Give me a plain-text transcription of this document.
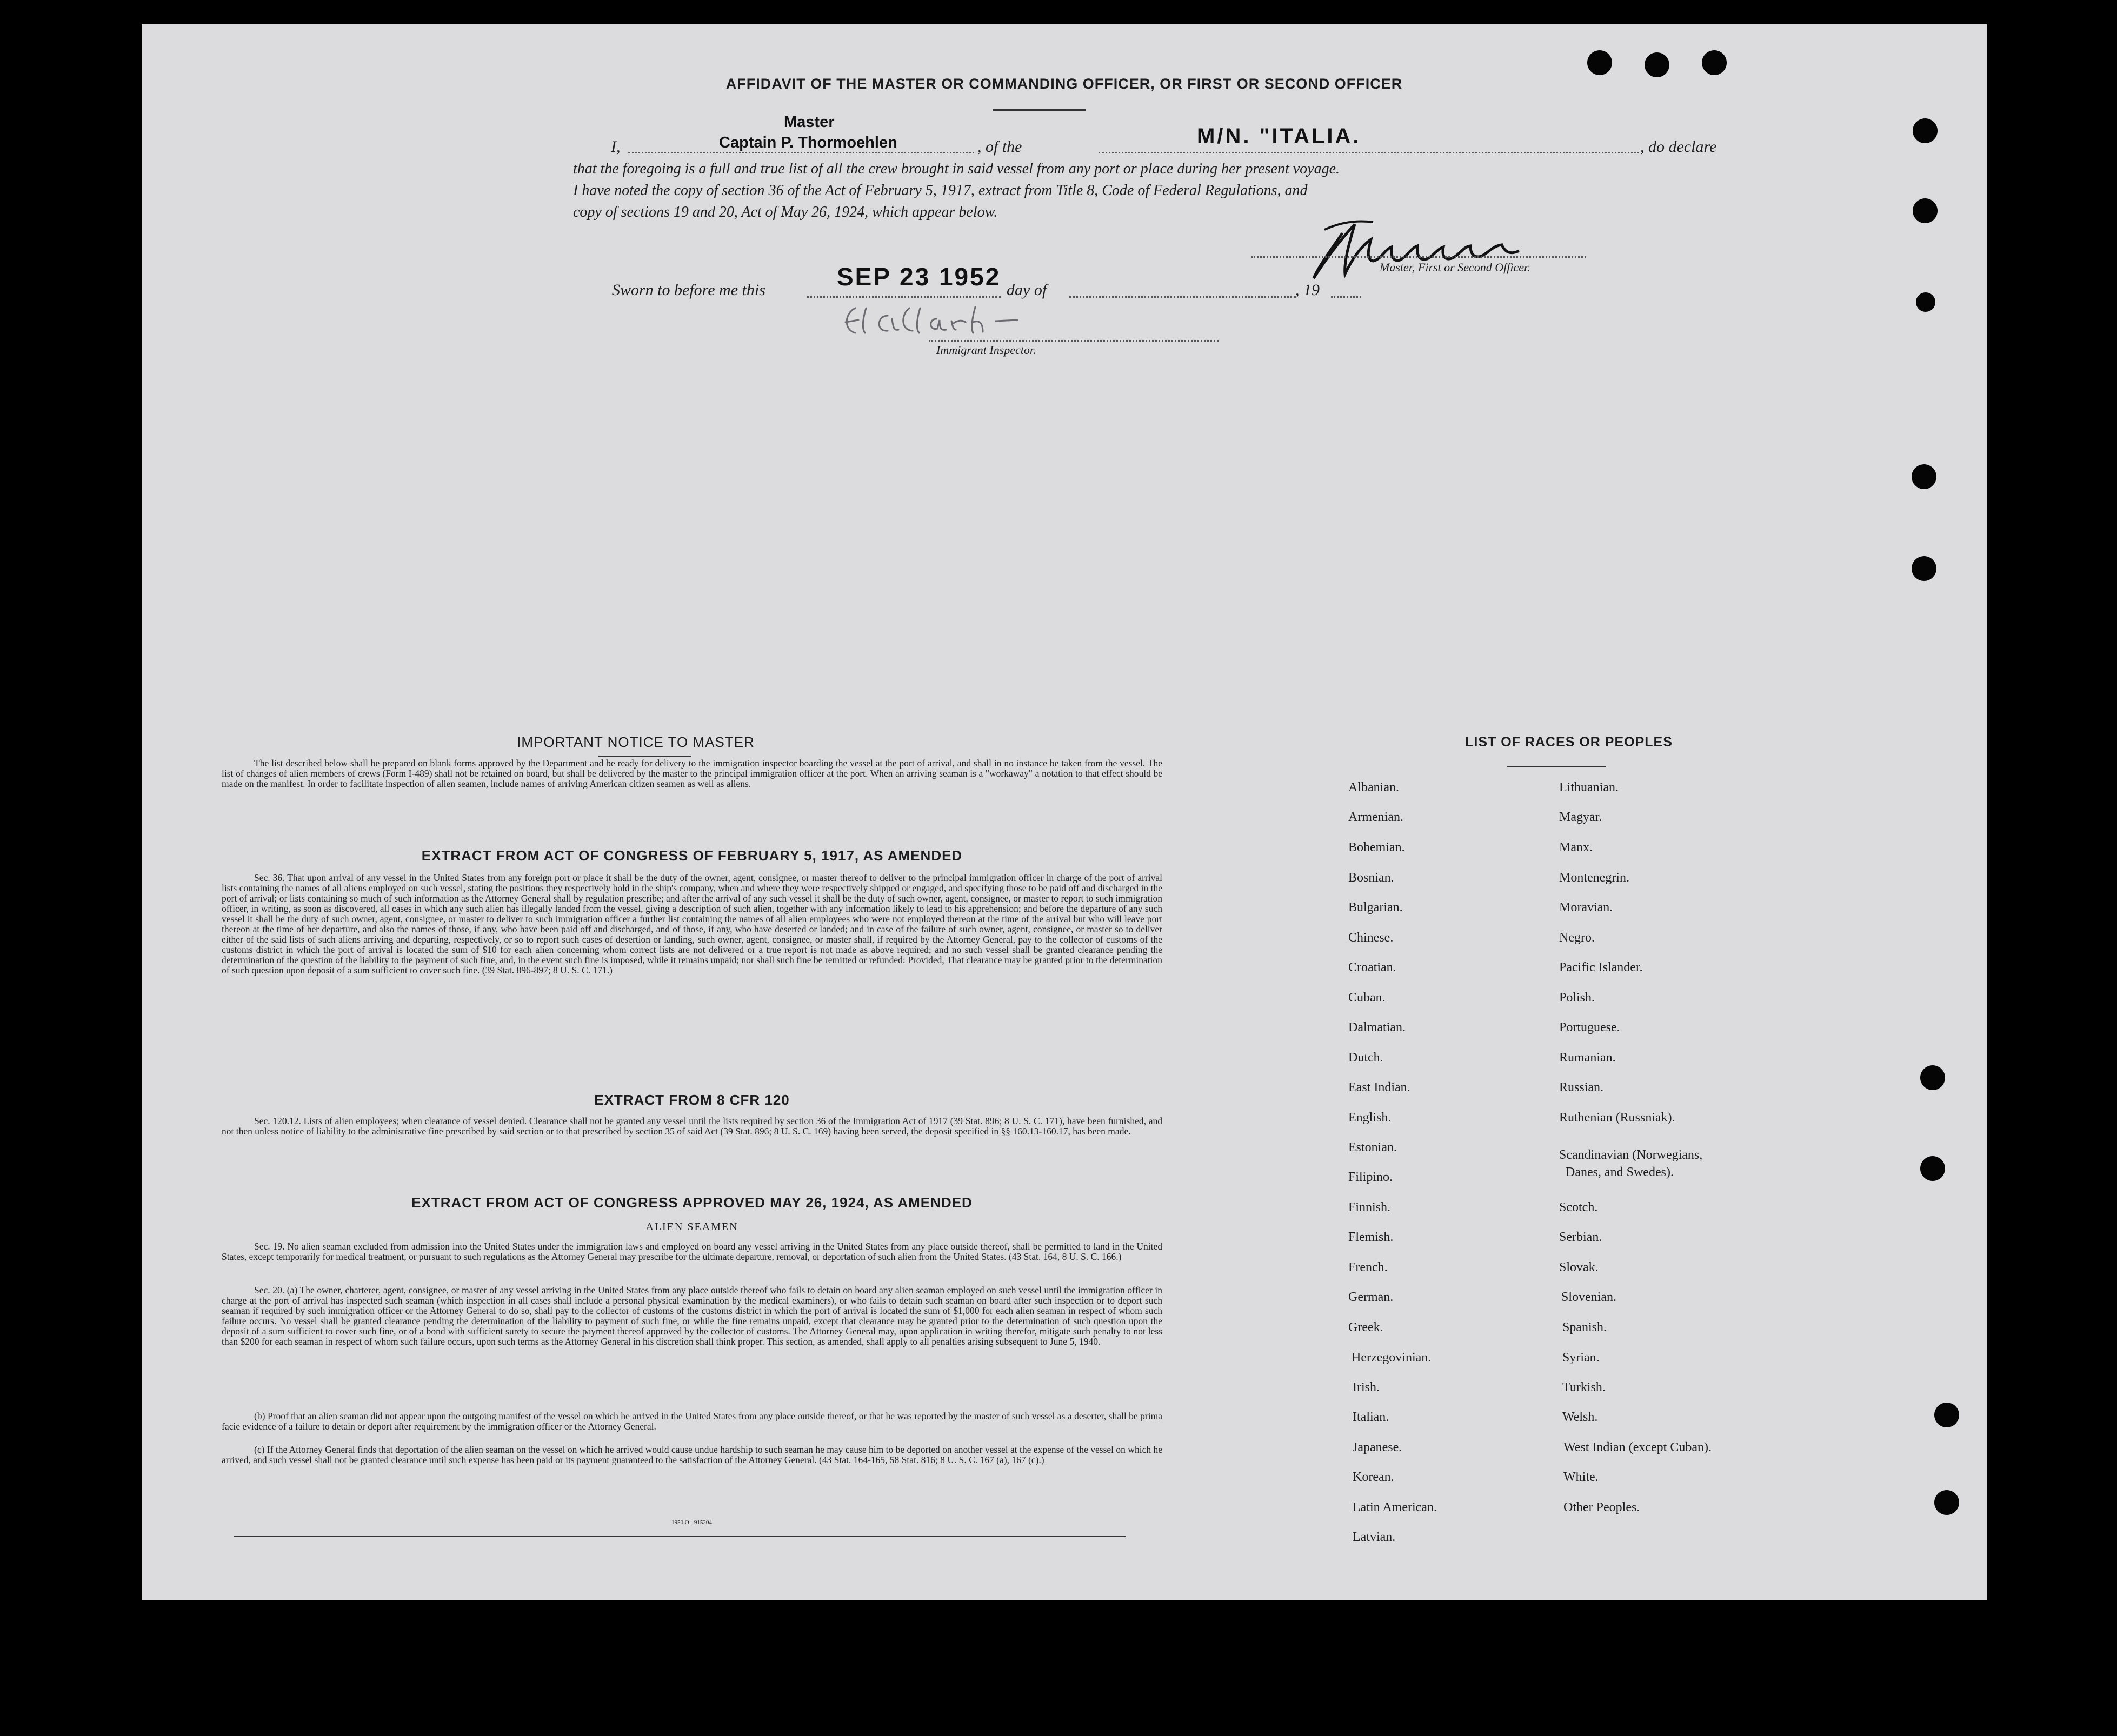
AFFIDAVIT OF THE MASTER OR COMMANDING OFFICER, OR FIRST OR SECOND OFFICER
Master
I,	Captain P. Thormoehlen	, of the	M/N. "ITALIA.	, do declare
that the foregoing is a full and true list of all the crew brought in said vessel from any port or place during her present voyage.
I have noted the copy of section 36 of the Act of February 5, 1917, extract from Title 8, Code of Federal Regulations, and
copy of sections 19 and 20, Act of May 26, 1924, which appear below.
Master, First or Second Officer.
Sworn to before me this	SEP 23 1952 day of	, 19
Immigrant Inspector.
IMPORTANT NOTICE TO MASTER
The list described below shall be prepared on blank forms approved by the Department and be ready for delivery to the immigration inspector boarding the vessel at the port of arrival, and shall in no instance be taken from the vessel. The list of changes of alien members of crews (Form I-489) shall not be retained on board, but shall be delivered by the master to the principal immigration officer at the port. When an arriving seaman is a "workaway" a notation to that effect should be made on the manifest. In order to facilitate inspection of alien seamen, include names of arriving American citizen seamen as well as aliens.
EXTRACT FROM ACT OF CONGRESS OF FEBRUARY 5, 1917, AS AMENDED
Sec. 36. That upon arrival of any vessel in the United States from any foreign port or place it shall be the duty of the owner, agent, consignee, or master thereof to deliver to the principal immigration officer in charge of the port of arrival lists containing the names of all aliens employed on such vessel, stating the positions they respectively hold in the ship's company, when and where they were respectively shipped or engaged, and specifying those to be paid off and discharged in the port of arrival; or lists containing so much of such information as the Attorney General shall by regulation prescribe; and after the arrival of any such vessel it shall be the duty of such owner, agent, consignee, or master to report to such immigration officer, in writing, as soon as discovered, all cases in which any such alien has illegally landed from the vessel, giving a description of such alien, together with any information likely to lead to his apprehension; and before the departure of any such vessel it shall be the duty of such owner, agent, consignee, or master to deliver to such immigration officer a further list containing the names of all alien employees who were not employed thereon at the time of the arrival but who will leave port thereon at the time of her departure, and also the names of those, if any, who have been paid off and discharged, and of those, if any, who have deserted or landed; and in case of the failure of such owner, agent, consignee, or master so to deliver either of the said lists of such aliens arriving and departing, respectively, or so to report such cases of desertion or landing, such owner, agent, consignee, or master shall, if required by the Attorney General, pay to the collector of customs of the customs district in which the port of arrival is located the sum of $10 for each alien concerning whom correct lists are not delivered or a true report is not made as above required; and no such vessel shall be granted clearance pending the determination of the question of the liability to the payment of such fine, and, in the event such fine is imposed, while it remains unpaid; nor shall such fine be remitted or refunded: Provided, That clearance may be granted prior to the determination of such question upon deposit of a sum sufficient to cover such fine. (39 Stat. 896-897; 8 U. S. C. 171.)
EXTRACT FROM 8 CFR 120
Sec. 120.12. Lists of alien employees; when clearance of vessel denied. Clearance shall not be granted any vessel until the lists required by section 36 of the Immigration Act of 1917 (39 Stat. 896; 8 U. S. C. 171), have been furnished, and not then unless notice of liability to the administrative fine prescribed by said section or to that prescribed by section 35 of said Act (39 Stat. 896; 8 U. S. C. 169) having been served, the deposit specified in §§ 160.13-160.17, has been made.
EXTRACT FROM ACT OF CONGRESS APPROVED MAY 26, 1924, AS AMENDED
ALIEN SEAMEN
Sec. 19. No alien seaman excluded from admission into the United States under the immigration laws and employed on board any vessel arriving in the United States from any place outside thereof, shall be permitted to land in the United States, except temporarily for medical treatment, or pursuant to such regulations as the Attorney General may prescribe for the ultimate departure, removal, or deportation of such alien from the United States. (43 Stat. 164, 8 U. S. C. 166.)
Sec. 20. (a) The owner, charterer, agent, consignee, or master of any vessel arriving in the United States from any place outside thereof who fails to detain on board any alien seaman employed on such vessel until the immigration officer in charge at the port of arrival has inspected such seaman (which inspection in all cases shall include a personal physical examination by the medical examiners), or who fails to detain such seaman on board after such inspection or to deport such seaman if required by such immigration officer or the Attorney General to do so, shall pay to the collector of customs of the customs district in which the port of arrival is located the sum of $1,000 for each alien seaman in respect of whom such failure occurs. No vessel shall be granted clearance pending the determination of the liability to payment of such fine, or while the fine remains unpaid, except that clearance may be granted prior to the determination of such question upon the deposit of a sum sufficient to cover such fine, or of a bond with sufficient surety to secure the payment thereof approved by the collector of customs. The Attorney General may, upon application in writing therefor, mitigate such penalty to not less than $200 for each seaman in respect of whom such failure occurs, upon such terms as the Attorney General in his discretion shall think proper. This section, as amended, shall apply to all penalties arising subsequent to June 5, 1940.
(b) Proof that an alien seaman did not appear upon the outgoing manifest of the vessel on which he arrived in the United States from any place outside thereof, or that he was reported by the master of such vessel as a deserter, shall be prima facie evidence of a failure to detain or deport after requirement by the immigration officer or the Attorney General.
(c) If the Attorney General finds that deportation of the alien seaman on the vessel on which he arrived would cause undue hardship to such seaman he may cause him to be deported on another vessel at the expense of the vessel on which he arrived, and such vessel shall not be granted clearance until such expense has been paid or its payment guaranteed to the satisfaction of the Attorney General. (43 Stat. 164-165, 58 Stat. 816; 8 U. S. C. 167 (a), 167 (c).)
1950 O - 915204
LIST OF RACES OR PEOPLES
Albanian.
Armenian.
Bohemian.
Bosnian.
Bulgarian.
Chinese.
Croatian.
Cuban.
Dalmatian.
Dutch.
East Indian.
English.
Estonian.
Filipino.
Finnish.
Flemish.
French.
German.
Greek.
Herzegovinian.
Irish.
Italian.
Japanese.
Korean.
Latin American.
Latvian.
Lithuanian.
Magyar.
Manx.
Montenegrin.
Moravian.
Negro.
Pacific Islander.
Polish.
Portuguese.
Rumanian.
Russian.
Ruthenian (Russniak).
Scandinavian (Norwegians,
Danes, and Swedes).
Scotch.
Serbian.
Slovak.
Slovenian.
Spanish.
Syrian.
Turkish.
Welsh.
West Indian (except Cuban).
White.
Other Peoples.
